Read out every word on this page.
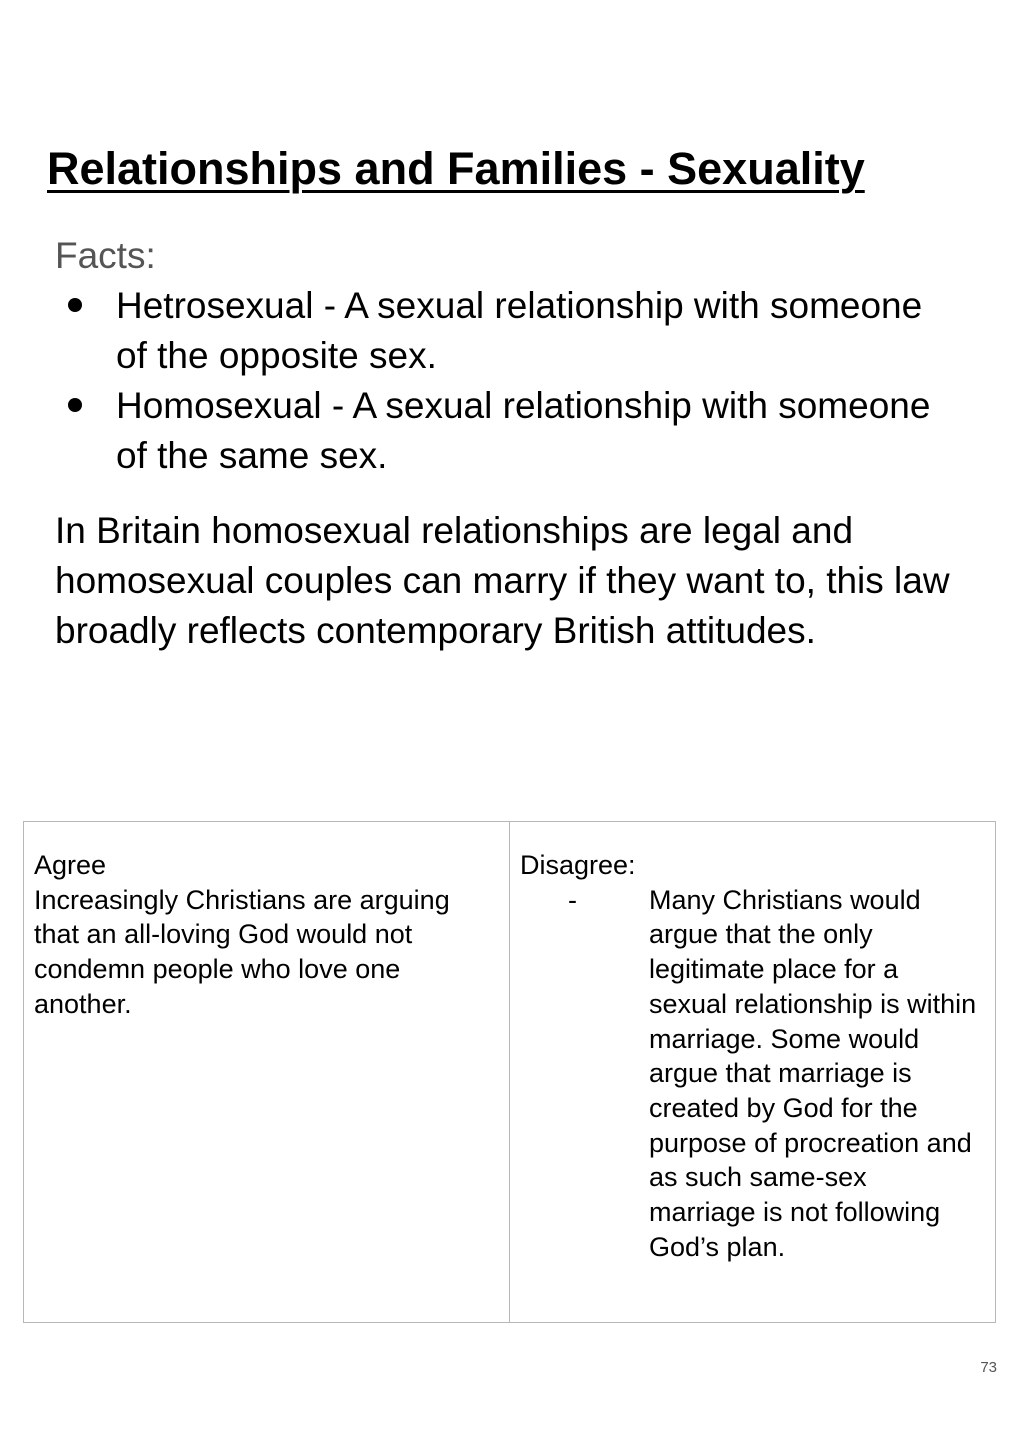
Relationships and Families - Sexuality
Facts:
Hetrosexual - A sexual relationship with someone of the opposite sex.
Homosexual - A sexual relationship with someone of the same sex.

In Britain homosexual relationships are legal and homosexual couples can marry if they want to, this law broadly reflects contemporary British attitudes.

Agree
Increasingly Christians are arguing that an all-loving God would not condemn people who love one another.

Disagree:
-	Many Christians would argue that the only legitimate place for a sexual relationship is within marriage. Some would argue that marriage is created by God for the purpose of procreation and as such same-sex marriage is not following God’s plan.
73
